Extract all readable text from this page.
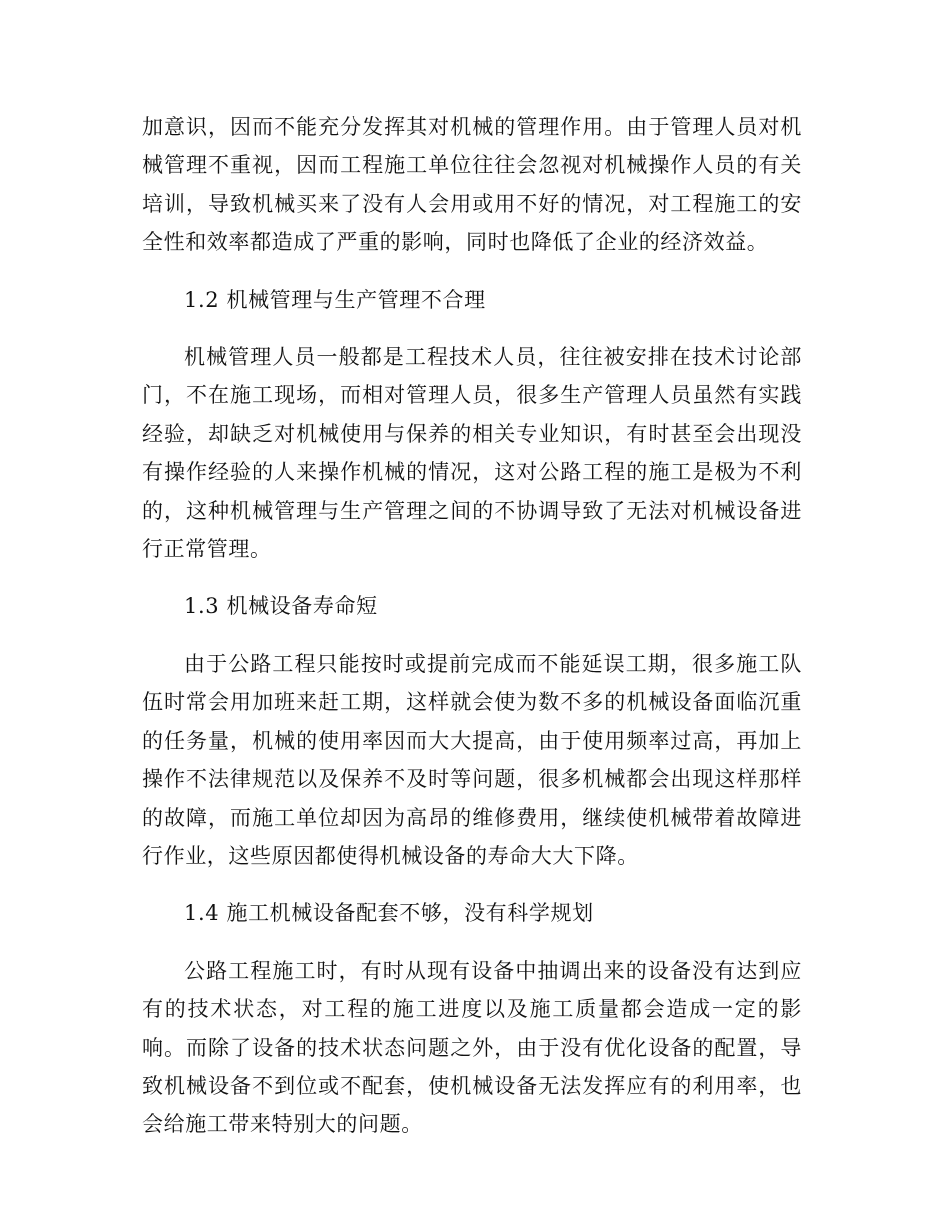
加意识，因而不能充分发挥其对机械的管理作用。由于管理人员对机械管理不重视，因而工程施工单位往往会忽视对机械操作人员的有关培训，导致机械买来了没有人会用或用不好的情况，对工程施工的安全性和效率都造成了严重的影响，同时也降低了企业的经济效益。

1.2 机械管理与生产管理不合理

机械管理人员一般都是工程技术人员，往往被安排在技术讨论部门，不在施工现场，而相对管理人员，很多生产管理人员虽然有实践经验，却缺乏对机械使用与保养的相关专业知识，有时甚至会出现没有操作经验的人来操作机械的情况，这对公路工程的施工是极为不利的，这种机械管理与生产管理之间的不协调导致了无法对机械设备进行正常管理。

1.3 机械设备寿命短

由于公路工程只能按时或提前完成而不能延误工期，很多施工队伍时常会用加班来赶工期，这样就会使为数不多的机械设备面临沉重的任务量，机械的使用率因而大大提高，由于使用频率过高，再加上操作不法律规范以及保养不及时等问题，很多机械都会出现这样那样的故障，而施工单位却因为高昂的维修费用，继续使机械带着故障进行作业，这些原因都使得机械设备的寿命大大下降。

1.4 施工机械设备配套不够，没有科学规划

公路工程施工时，有时从现有设备中抽调出来的设备没有达到应有的技术状态，对工程的施工进度以及施工质量都会造成一定的影响。而除了设备的技术状态问题之外，由于没有优化设备的配置，导致机械设备不到位或不配套，使机械设备无法发挥应有的利用率，也会给施工带来特别大的问题。
